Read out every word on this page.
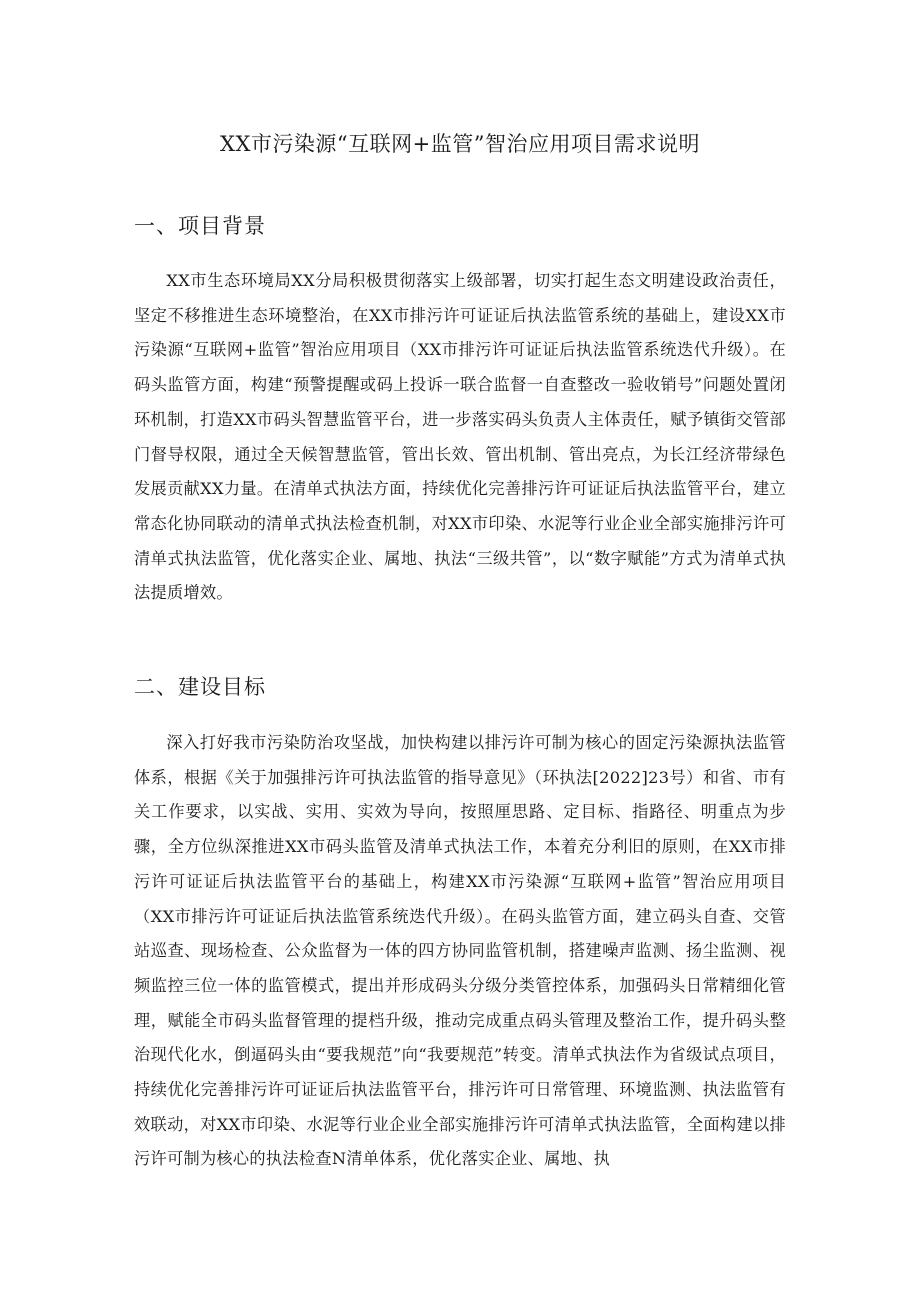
XX市污染源“互联网+监管”智治应用项目需求说明
一、项目背景

XX市生态环境局XX分局积极贯彻落实上级部署，切实打起生态文明建设政治责任，坚定不移推进生态环境整治，在XX市排污许可证证后执法监管系统的基础上，建设XX市污染源“互联网+监管”智治应用项目（XX市排污许可证证后执法监管系统迭代升级）。在码头监管方面，构建“预警提醒或码上投诉一联合监督一自查整改一验收销号”问题处置闭环机制，打造XX市码头智慧监管平台，进一步落实码头负责人主体责任，赋予镇街交管部门督导权限，通过全天候智慧监管，管出长效、管出机制、管出亮点，为长江经济带绿色发展贡献XX力量。在清单式执法方面，持续优化完善排污许可证证后执法监管平台，建立常态化协同联动的清单式执法检查机制，对XX市印染、水泥等行业企业全部实施排污许可清单式执法监管，优化落实企业、属地、执法“三级共管”，以“数字赋能”方式为清单式执法提质增效。

二、建设目标

深入打好我市污染防治攻坚战，加快构建以排污许可制为核心的固定污染源执法监管体系，根据《关于加强排污许可执法监管的指导意见》（环执法[2022]23号）和省、市有关工作要求，以实战、实用、实效为导向，按照厘思路、定目标、指路径、明重点为步骤，全方位纵深推进XX市码头监管及清单式执法工作，本着充分利旧的原则，在XX市排污许可证证后执法监管平台的基础上，构建XX市污染源“互联网+监管”智治应用项目（XX市排污许可证证后执法监管系统迭代升级）。在码头监管方面，建立码头自查、交管站巡查、现场检查、公众监督为一体的四方协同监管机制，搭建噪声监测、扬尘监测、视频监控三位一体的监管模式，提出并形成码头分级分类管控体系，加强码头日常精细化管理，赋能全市码头监督管理的提档升级，推动完成重点码头管理及整治工作，提升码头整治现代化水，倒逼码头由“要我规范”向“我要规范”转变。清单式执法作为省级试点项目，持续优化完善排污许可证证后执法监管平台，排污许可日常管理、环境监测、执法监管有效联动，对XX市印染、水泥等行业企业全部实施排污许可清单式执法监管，全面构建以排污许可制为核心的执法检查N清单体系，优化落实企业、属地、执
